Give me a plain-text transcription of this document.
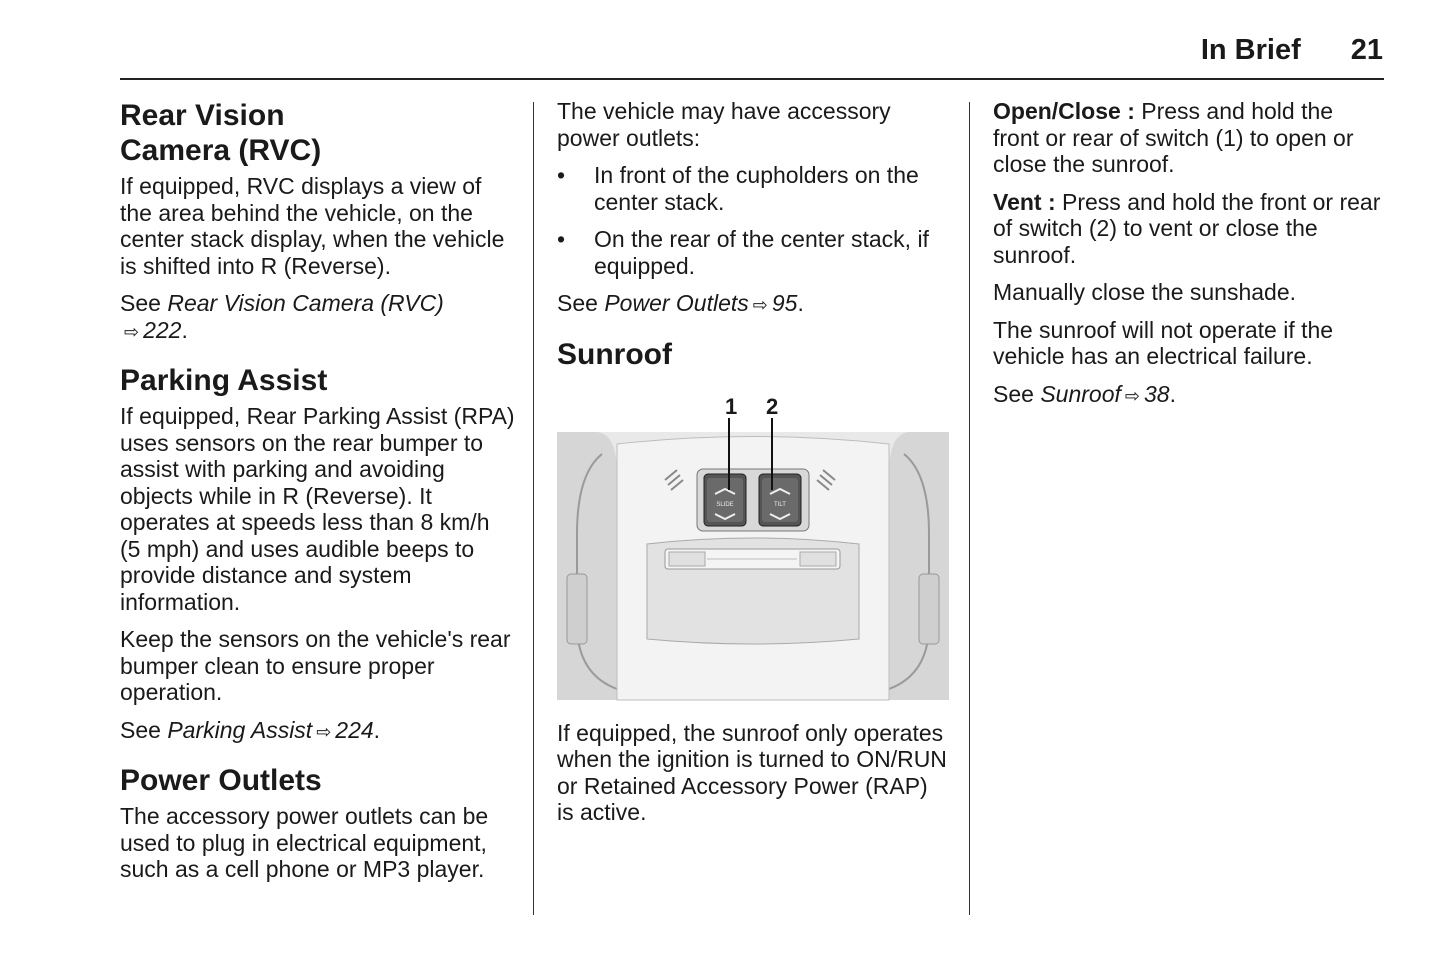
In Brief 21
Rear Vision
Camera (RVC)

If equipped, RVC displays a view of the area behind the vehicle, on the center stack display, when the vehicle is shifted into R (Reverse).

See Rear Vision Camera (RVC)
⇨ 222.

Parking Assist

If equipped, Rear Parking Assist (RPA) uses sensors on the rear bumper to assist with parking and avoiding objects while in R (Reverse). It operates at speeds less than 8 km/h (5 mph) and uses audible beeps to provide distance and system information.

Keep the sensors on the vehicle's rear bumper clean to ensure proper operation.

See Parking Assist ⇨ 224.

Power Outlets

The accessory power outlets can be used to plug in electrical equipment, such as a cell phone or MP3 player.

The vehicle may have accessory power outlets:

• In front of the cupholders on the center stack.
• On the rear of the center stack, if equipped.

See Power Outlets ⇨ 95.

Sunroof
1 2
SLIDE	TILT

If equipped, the sunroof only operates when the ignition is turned to ON/RUN or Retained Accessory Power (RAP) is active.

Open/Close : Press and hold the front or rear of switch (1) to open or close the sunroof.

Vent : Press and hold the front or rear of switch (2) to vent or close the sunroof.

Manually close the sunshade.

The sunroof will not operate if the vehicle has an electrical failure.

See Sunroof ⇨ 38.
